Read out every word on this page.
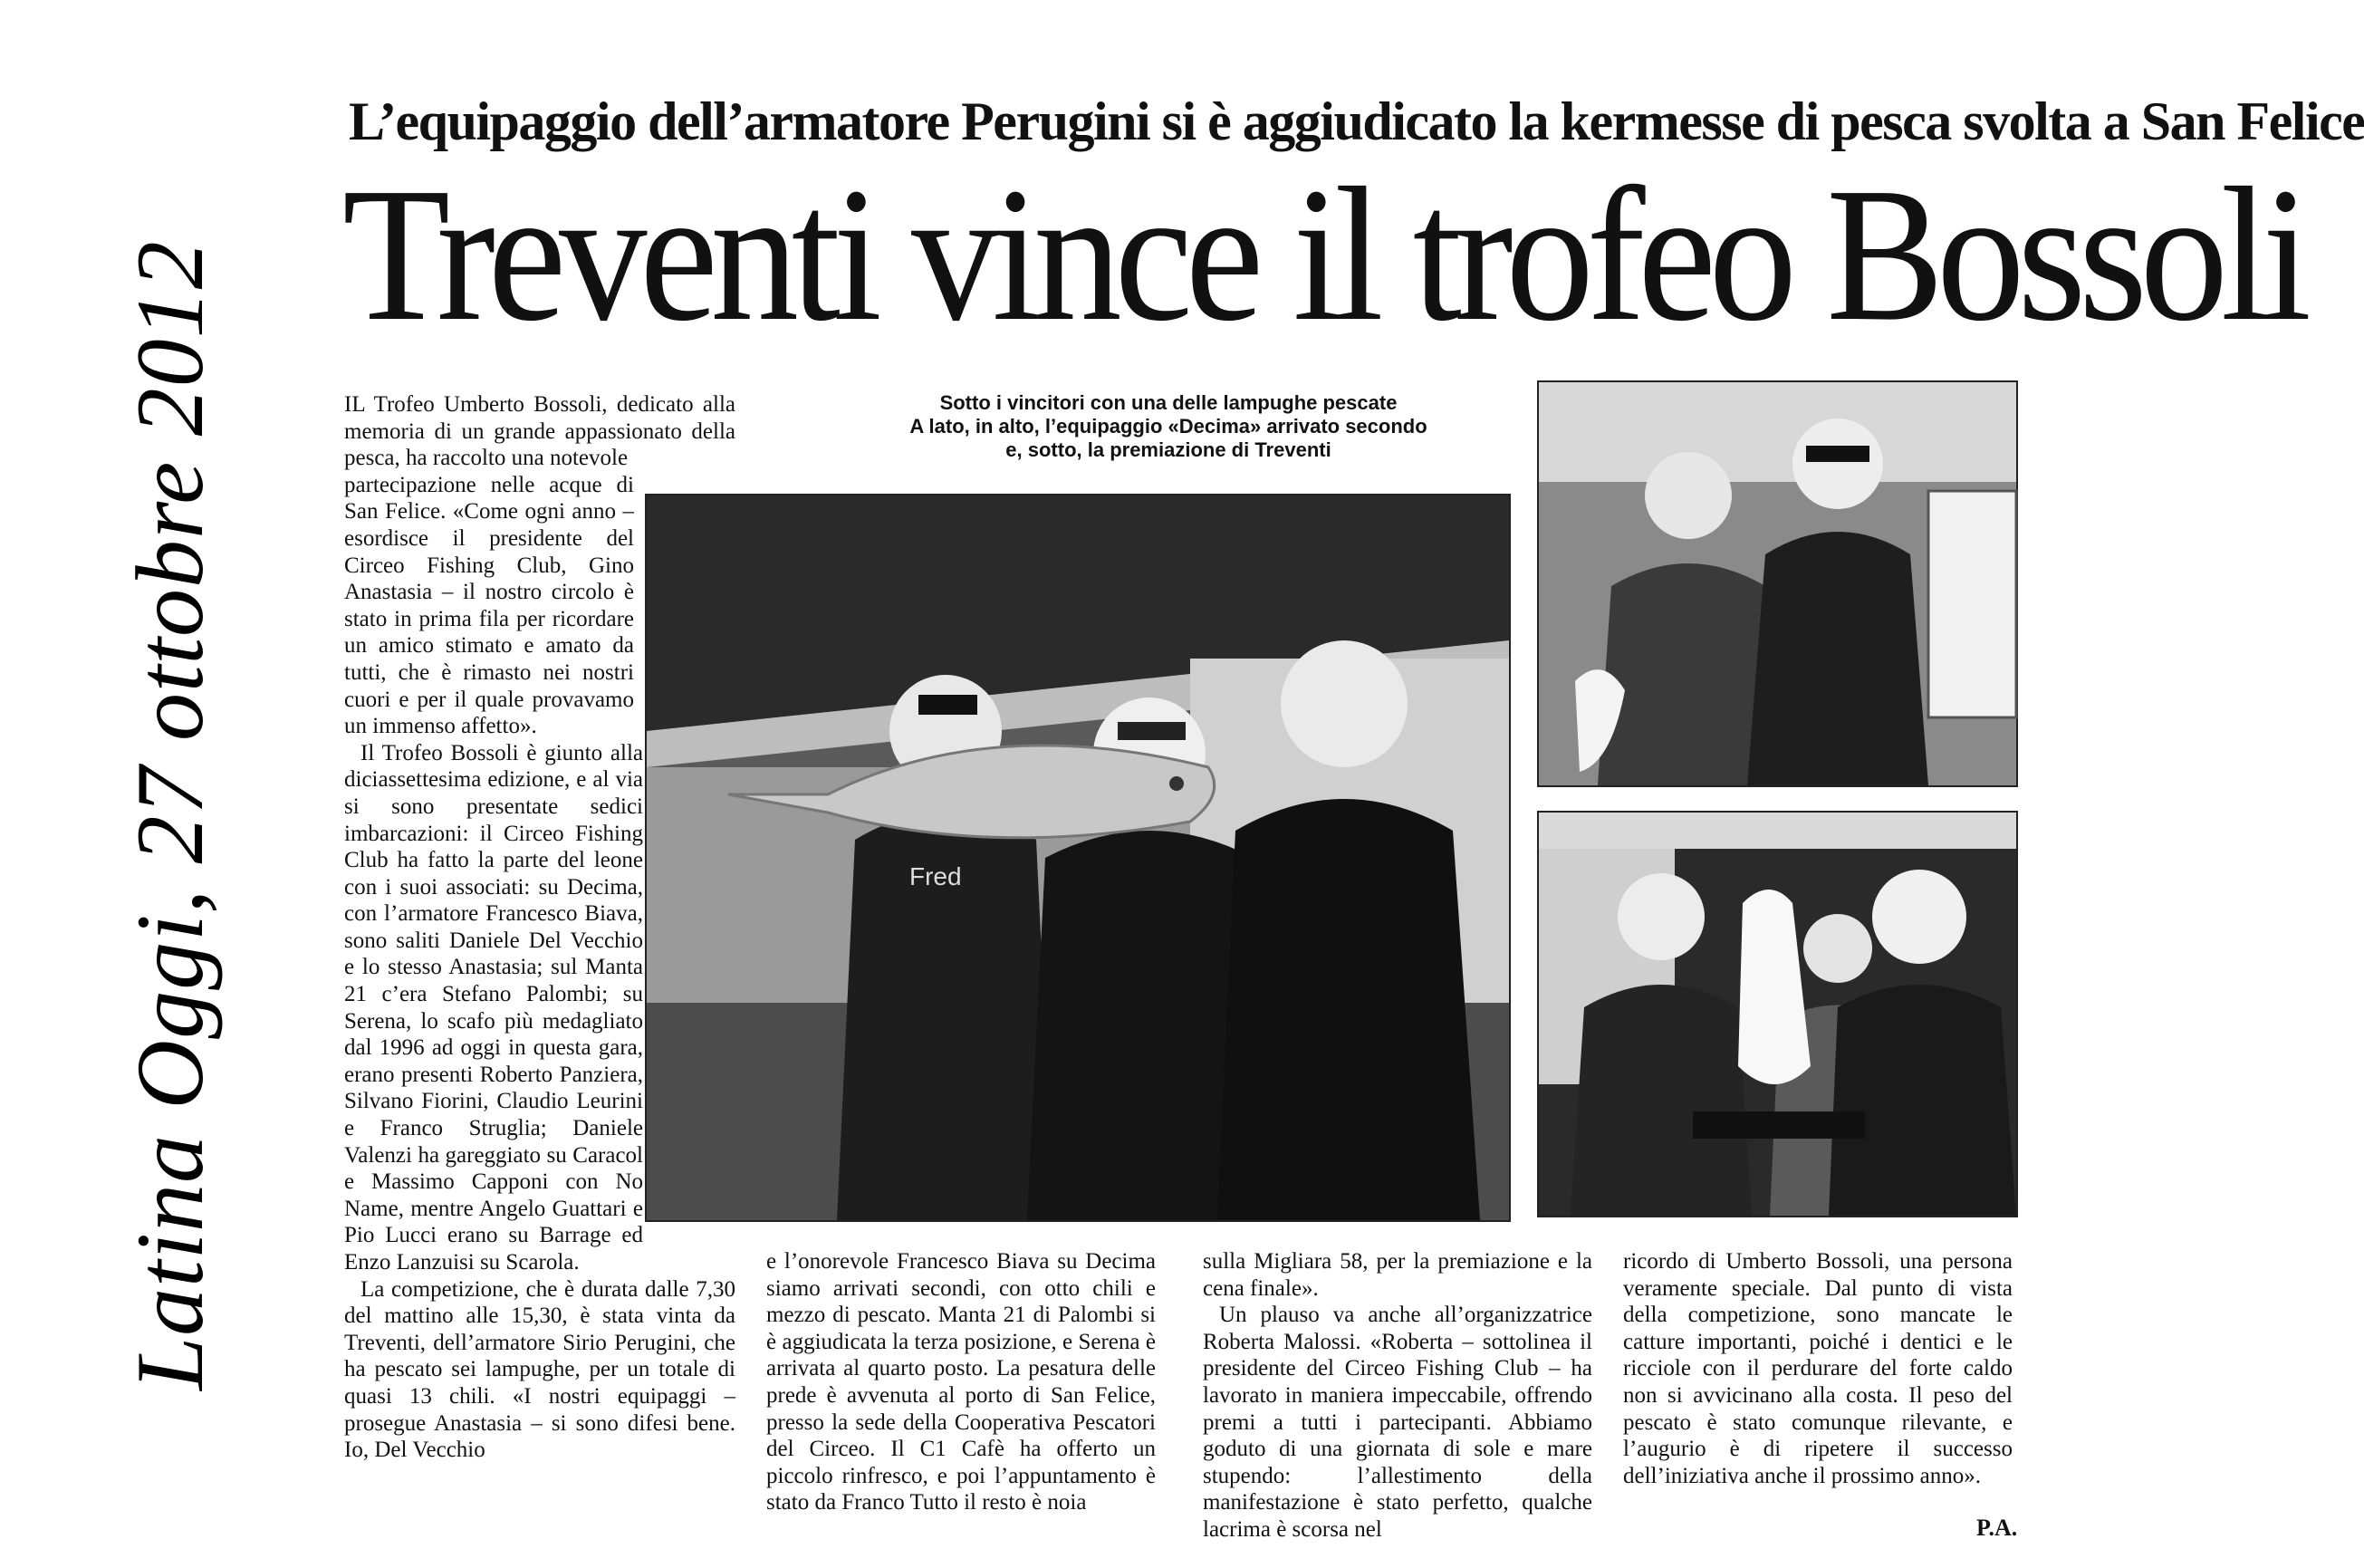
Latina Oggi, 27 ottobre 2012
L’equipaggio dell’armatore Perugini si è aggiudicato la kermesse di pesca svolta a San Felice
Treventi vince il trofeo Bossoli
Sotto i vincitori con una delle lampughe pescate
A lato, in alto, l’equipaggio «Decima» arrivato secondo
e, sotto, la premiazione di Treventi

IL Trofeo Umberto Bossoli, dedicato alla memoria di un grande appassionato della pesca, ha raccolto una notevole

partecipazione nelle acque di San Felice. «Come ogni anno – esordisce il presidente del Circeo Fishing Club, Gino Anastasia – il nostro circolo è stato in prima fila per ricordare un amico stimato e amato da tutti, che è rimasto nei nostri cuori e per il quale provavamo un immenso affetto».

Il Trofeo Bossoli è giunto alla diciassettesima edizione, e al via si sono presentate sedici imbarcazioni: il Circeo Fishing Club ha fatto la parte del leone con i suoi associati: su Decima, con l’armatore Francesco Biava, sono saliti Daniele Del Vecchio e lo stesso Anastasia; sul Manta 21 c’era Stefano Palombi; su Serena, lo scafo più medagliato dal 1996 ad oggi in questa gara, erano presenti Roberto Panziera, Silvano Fiorini, Claudio Leurini e Franco Struglia; Daniele Valenzi ha gareggiato su Caracol e Massimo Capponi con No Name, mentre Angelo Guattari e Pio Lucci erano su Barrage ed Enzo Lanzuisi su Scarola.

La competizione, che è durata dalle 7,30 del mattino alle 15,30, è stata vinta da Treventi, dell’armatore Sirio Perugini, che ha pescato sei lampughe, per un totale di quasi 13 chili. «I nostri equipaggi – prosegue Anastasia – si sono difesi bene. Io, Del Vecchio

e l’onorevole Francesco Biava su Decima siamo arrivati secondi, con otto chili e mezzo di pescato. Manta 21 di Palombi si è aggiudicata la terza posizione, e Serena è arrivata al quarto posto. La pesatura delle prede è avvenuta al porto di San Felice, presso la sede della Cooperativa Pescatori del Circeo. Il C1 Cafè ha offerto un piccolo rinfresco, e poi l’appuntamento è stato da Franco Tutto il resto è noia

sulla Migliara 58, per la premiazione e la cena finale».

Un plauso va anche all’organizzatrice Roberta Malossi. «Roberta – sottolinea il presidente del Circeo Fishing Club – ha lavorato in maniera impeccabile, offrendo premi a tutti i partecipanti. Abbiamo goduto di una giornata di sole e mare stupendo: l’allestimento della manifestazione è stato perfetto, qualche lacrima è scorsa nel

ricordo di Umberto Bossoli, una persona veramente speciale. Dal punto di vista della competizione, sono mancate le catture importanti, poiché i dentici e le ricciole con il perdurare del forte caldo non si avvicinano alla costa. Il peso del pescato è stato comunque rilevante, e l’augurio è di ripetere il successo dell’iniziativa anche il prossimo anno».

P.A.
Fred
